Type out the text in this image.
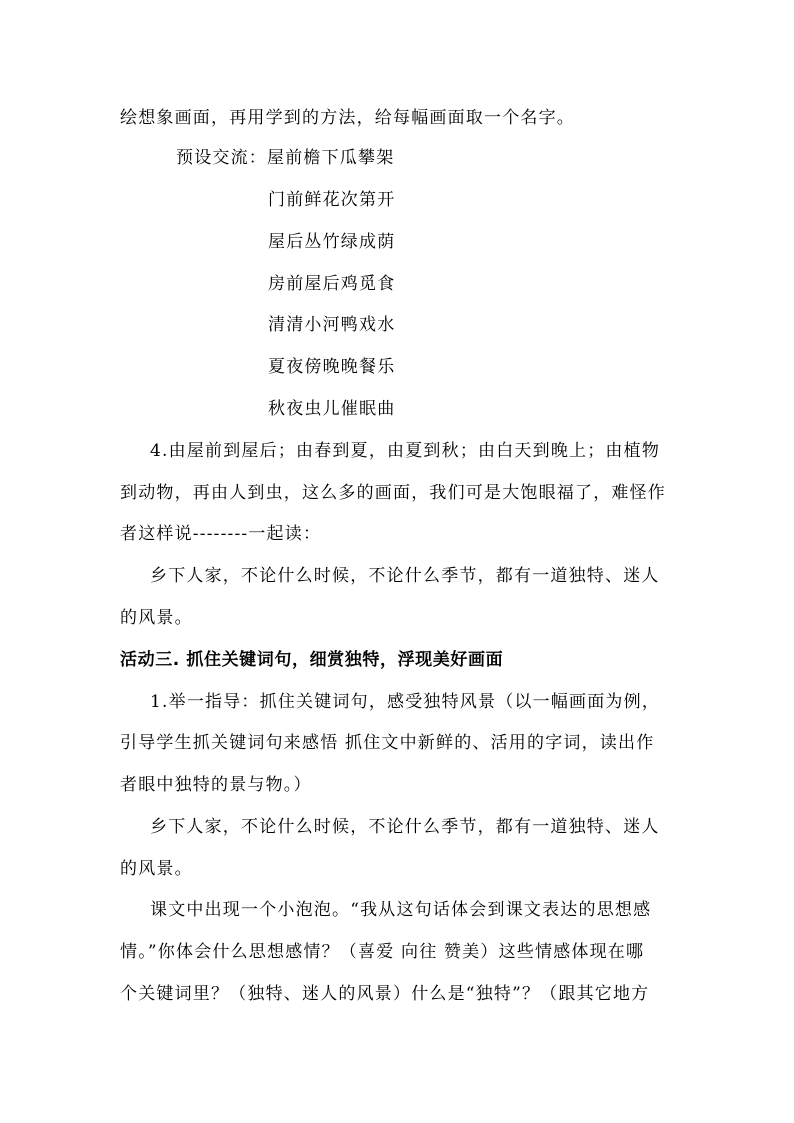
绘想象画面，再用学到的方法，给每幅画面取一个名字。
预设交流：屋前檐下瓜攀架
门前鲜花次第开
屋后丛竹绿成荫
房前屋后鸡觅食
清清小河鸭戏水
夏夜傍晚晚餐乐
秋夜虫儿催眠曲
4.由屋前到屋后；由春到夏，由夏到秋；由白天到晚上；由植物
到动物，再由人到虫，这么多的画面，我们可是大饱眼福了，难怪作
者这样说--------一起读：
乡下人家，不论什么时候，不论什么季节，都有一道独特、迷人
的风景。
活动三. 抓住关键词句，细赏独特，浮现美好画面
1.举一指导：抓住关键词句，感受独特风景（以一幅画面为例，
引导学生抓关键词句来感悟 抓住文中新鲜的、活用的字词，读出作
者眼中独特的景与物。）
乡下人家，不论什么时候，不论什么季节，都有一道独特、迷人
的风景。
课文中出现一个小泡泡。“我从这句话体会到课文表达的思想感
情。”你体会什么思想感情？（喜爱 向往 赞美）这些情感体现在哪
个关键词里？（独特、迷人的风景）什么是“独特”？（跟其它地方
